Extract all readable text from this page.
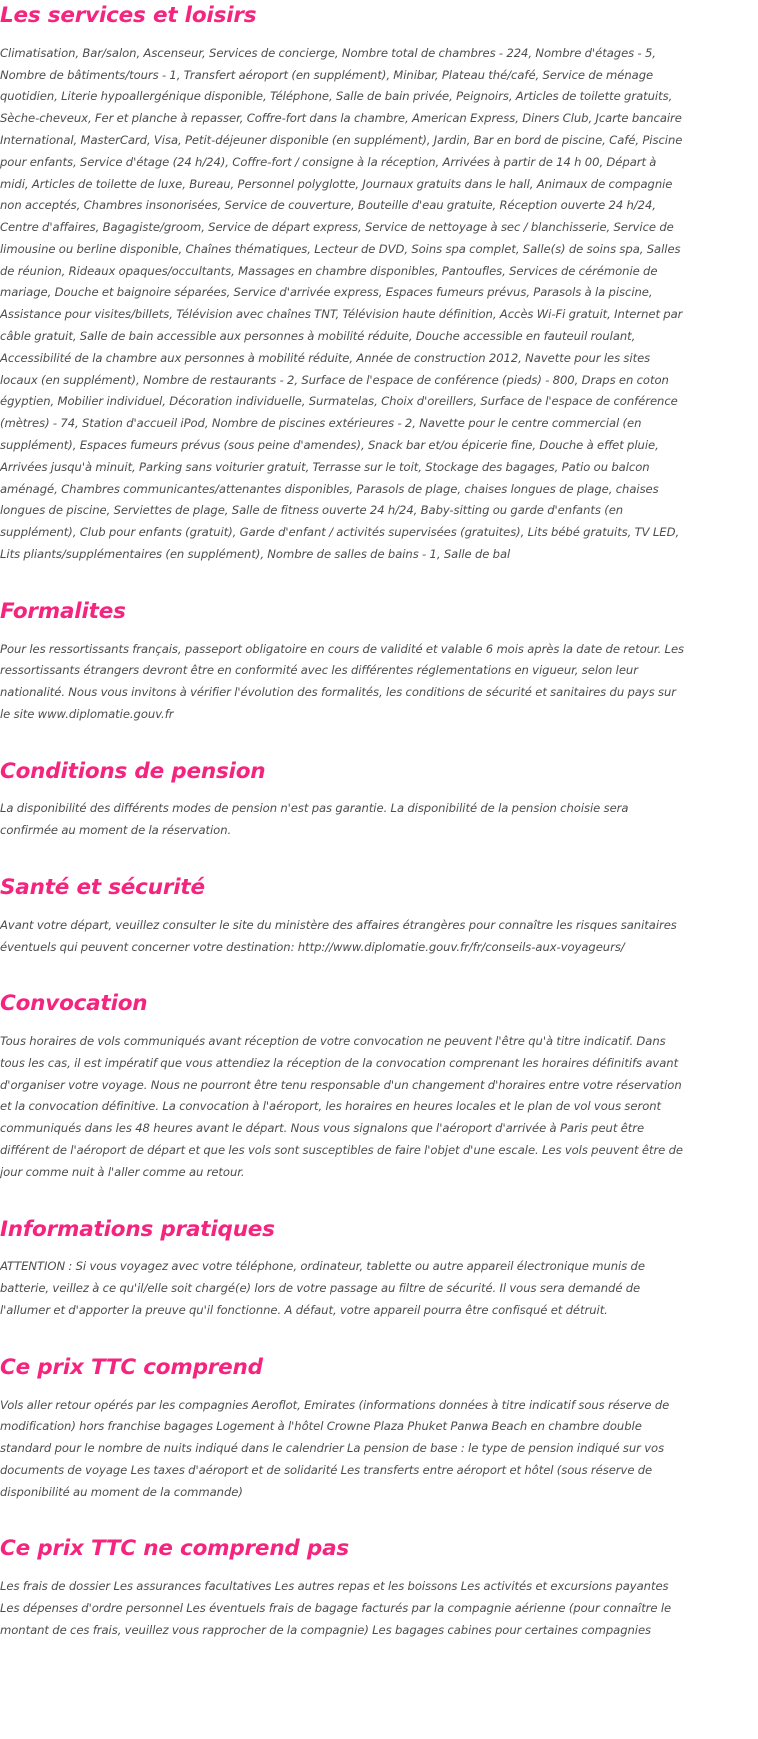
Les services et loisirs

Climatisation, Bar/salon, Ascenseur, Services de concierge, Nombre total de chambres - 224, Nombre d'étages - 5, Nombre de bâtiments/tours - 1, Transfert aéroport (en supplément), Minibar, Plateau thé/café, Service de ménage quotidien, Literie hypoallergénique disponible, Téléphone, Salle de bain privée, Peignoirs, Articles de toilette gratuits, Sèche-cheveux, Fer et planche à repasser, Coffre-fort dans la chambre, American Express, Diners Club, Jcarte bancaire International, MasterCard, Visa, Petit-déjeuner disponible (en supplément), Jardin, Bar en bord de piscine, Café, Piscine pour enfants, Service d'étage (24 h/24), Coffre-fort / consigne à la réception, Arrivées à partir de 14 h 00, Départ à midi, Articles de toilette de luxe, Bureau, Personnel polyglotte, Journaux gratuits dans le hall, Animaux de compagnie non acceptés, Chambres insonorisées, Service de couverture, Bouteille d'eau gratuite, Réception ouverte 24 h/24, Centre d'affaires, Bagagiste/groom, Service de départ express, Service de nettoyage à sec / blanchisserie, Service de limousine ou berline disponible, Chaînes thématiques, Lecteur de DVD, Soins spa complet, Salle(s) de soins spa, Salles de réunion, Rideaux opaques/occultants, Massages en chambre disponibles, Pantoufles, Services de cérémonie de mariage, Douche et baignoire séparées, Service d'arrivée express, Espaces fumeurs prévus, Parasols à la piscine, Assistance pour visites/billets, Télévision avec chaînes TNT, Télévision haute définition, Accès Wi-Fi gratuit, Internet par câble gratuit, Salle de bain accessible aux personnes à mobilité réduite, Douche accessible en fauteuil roulant, Accessibilité de la chambre aux personnes à mobilité réduite, Année de construction 2012, Navette pour les sites locaux (en supplément), Nombre de restaurants - 2, Surface de l'espace de conférence (pieds) - 800, Draps en coton égyptien, Mobilier individuel, Décoration individuelle, Surmatelas, Choix d'oreillers, Surface de l'espace de conférence (mètres) - 74, Station d'accueil iPod, Nombre de piscines extérieures - 2, Navette pour le centre commercial (en supplément), Espaces fumeurs prévus (sous peine d'amendes), Snack bar et/ou épicerie fine, Douche à effet pluie, Arrivées jusqu'à minuit, Parking sans voiturier gratuit, Terrasse sur le toit, Stockage des bagages, Patio ou balcon aménagé, Chambres communicantes/attenantes disponibles, Parasols de plage, chaises longues de plage, chaises longues de piscine, Serviettes de plage, Salle de fitness ouverte 24 h/24, Baby-sitting ou garde d'enfants (en supplément), Club pour enfants (gratuit), Garde d'enfant / activités supervisées (gratuites), Lits bébé gratuits, TV LED, Lits pliants/supplémentaires (en supplément), Nombre de salles de bains - 1, Salle de bal

Formalites

Pour les ressortissants français, passeport obligatoire en cours de validité et valable 6 mois après la date de retour. Les ressortissants étrangers devront être en conformité avec les différentes réglementations en vigueur, selon leur nationalité. Nous vous invitons à vérifier l'évolution des formalités, les conditions de sécurité et sanitaires du pays sur le site www.diplomatie.gouv.fr

Conditions de pension

La disponibilité des différents modes de pension n'est pas garantie. La disponibilité de la pension choisie sera confirmée au moment de la réservation.

Santé et sécurité

Avant votre départ, veuillez consulter le site du ministère des affaires étrangères pour connaître les risques sanitaires éventuels qui peuvent concerner votre destination: http://www.diplomatie.gouv.fr/fr/conseils-aux-voyageurs/

Convocation

Tous horaires de vols communiqués avant réception de votre convocation ne peuvent l'être qu'à titre indicatif. Dans tous les cas, il est impératif que vous attendiez la réception de la convocation comprenant les horaires définitifs avant d'organiser votre voyage. Nous ne pourront être tenu responsable d'un changement d'horaires entre votre réservation et la convocation définitive. La convocation à l'aéroport, les horaires en heures locales et le plan de vol vous seront communiqués dans les 48 heures avant le départ. Nous vous signalons que l'aéroport d'arrivée à Paris peut être différent de l'aéroport de départ et que les vols sont susceptibles de faire l'objet d'une escale. Les vols peuvent être de jour comme nuit à l'aller comme au retour.

Informations pratiques

ATTENTION : Si vous voyagez avec votre téléphone, ordinateur, tablette ou autre appareil électronique munis de batterie, veillez à ce qu'il/elle soit chargé(e) lors de votre passage au filtre de sécurité. Il vous sera demandé de l'allumer et d'apporter la preuve qu'il fonctionne. A défaut, votre appareil pourra être confisqué et détruit.

Ce prix TTC comprend

Vols aller retour opérés par les compagnies Aeroflot, Emirates (informations données à titre indicatif sous réserve de modification) hors franchise bagages Logement à l'hôtel Crowne Plaza Phuket Panwa Beach en chambre double standard pour le nombre de nuits indiqué dans le calendrier La pension de base : le type de pension indiqué sur vos documents de voyage Les taxes d'aéroport et de solidarité Les transferts entre aéroport et hôtel (sous réserve de disponibilité au moment de la commande)

Ce prix TTC ne comprend pas

Les frais de dossier Les assurances facultatives Les autres repas et les boissons Les activités et excursions payantes Les dépenses d'ordre personnel Les éventuels frais de bagage facturés par la compagnie aérienne (pour connaître le montant de ces frais, veuillez vous rapprocher de la compagnie) Les bagages cabines pour certaines compagnies
